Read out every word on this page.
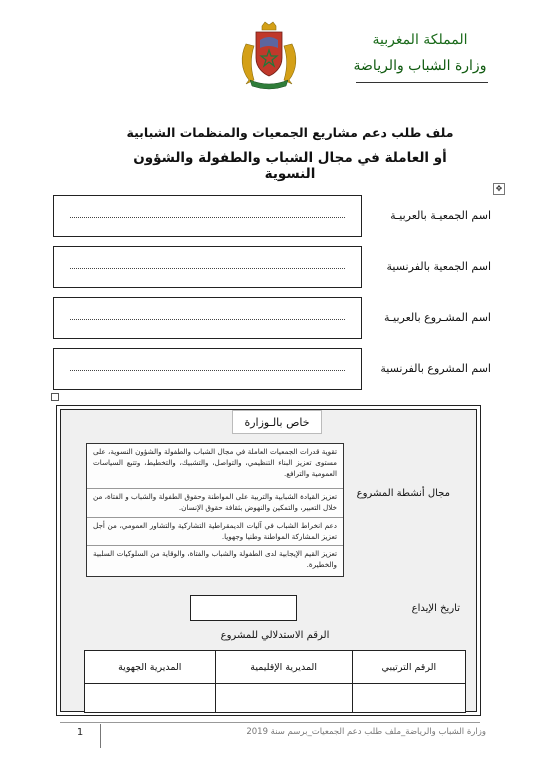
المملكة المغربية
وزارة الشباب والرياضة
ملف طلب دعم مشاريع الجمعيات والمنظمات الشبابية
أو العاملة في مجال الشباب والطفولة والشؤون النسوية
✥
اسم الجمعيـة بالعربيـة
اسم الجمعية بالفرنسية
اسم المشـروع بالعربيـة
اسم المشروع بالفرنسية
خاص بالـوزارة
تقوية قدرات الجمعيات العاملة في مجال الشباب والطفولة والشؤون النسوية، على مستوى تعزيز البناء التنظيمي، والتواصل، والتشبيك، والتخطيط، وتتبع السياسات العمومية والترافع.
تعزيز القيادة الشبابية والتربية على المواطنة وحقوق الطفولة والشباب و الفتاة، من خلال التعبير، والتمكين والنهوض بثقافة حقوق الإنسان.
دعم انخراط الشباب في آليات الديمقراطية التشاركية والتشاور العمومي، من أجل تعزيز المشاركة المواطنة وطنيا وجهويا.
تعزيز القيم الإيجابية لدى الطفولة والشباب والفتاة، والوقاية من السلوكيات السلبية والخطيرة.
مجال أنشطة المشروع
تاريخ الإيداع
الرقم الاستدلالي للمشروع
الرقم الترتيبي	المديرية الإقليمية	المديرية الجهوية

1	وزارة الشباب والرياضة_ملف طلب دعم الجمعيات_برسم سنة 2019
